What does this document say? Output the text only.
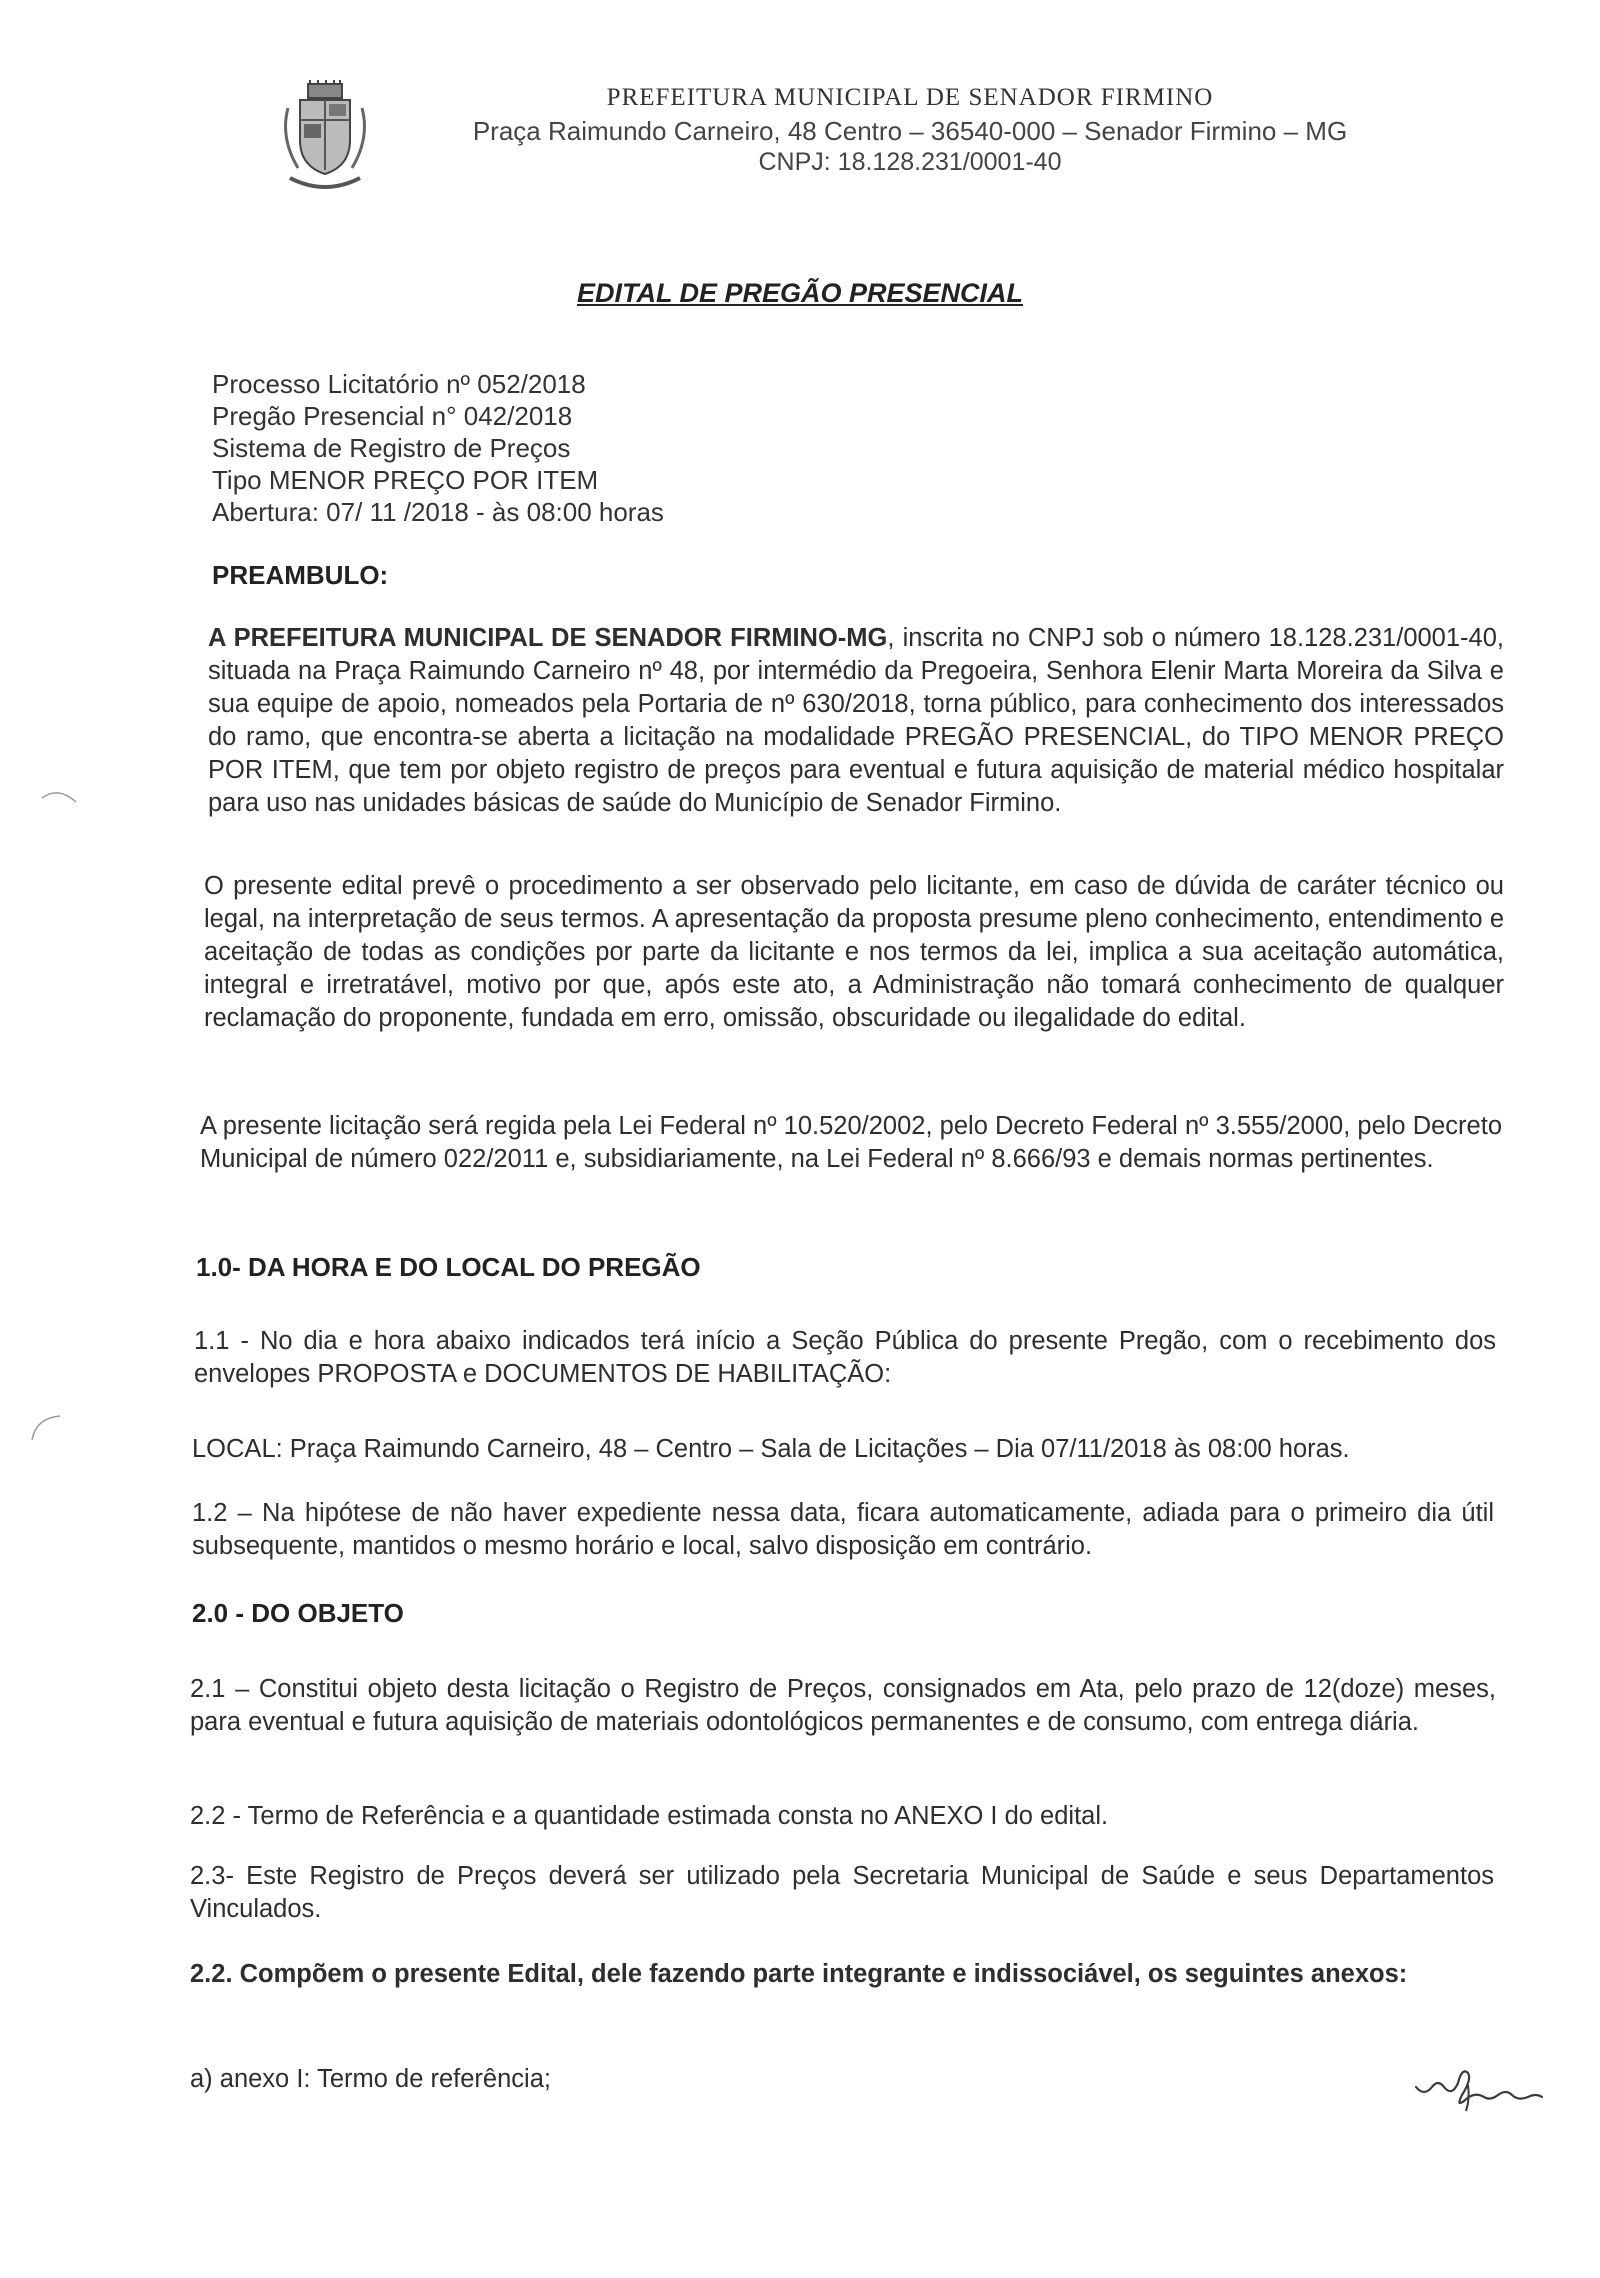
PREFEITURA MUNICIPAL DE SENADOR FIRMINO
Praça Raimundo Carneiro, 48 Centro – 36540-000 – Senador Firmino – MG
CNPJ: 18.128.231/0001-40
EDITAL DE PREGÃO PRESENCIAL
Processo Licitatório nº 052/2018
Pregão Presencial n° 042/2018
Sistema de Registro de Preços
Tipo MENOR PREÇO POR ITEM
Abertura: 07/ 11 /2018 - às 08:00 horas
PREAMBULO:
A PREFEITURA MUNICIPAL DE SENADOR FIRMINO-MG, inscrita no CNPJ sob o número 18.128.231/0001-40, situada na Praça Raimundo Carneiro nº 48, por intermédio da Pregoeira, Senhora Elenir Marta Moreira da Silva e sua equipe de apoio, nomeados pela Portaria de nº 630/2018, torna público, para conhecimento dos interessados do ramo, que encontra-se aberta a licitação na modalidade PREGÃO PRESENCIAL, do TIPO MENOR PREÇO POR ITEM, que tem por objeto registro de preços para eventual e futura aquisição de material médico hospitalar para uso nas unidades básicas de saúde do Município de Senador Firmino.
O presente edital prevê o procedimento a ser observado pelo licitante, em caso de dúvida de caráter técnico ou legal, na interpretação de seus termos. A apresentação da proposta presume pleno conhecimento, entendimento e aceitação de todas as condições por parte da licitante e nos termos da lei, implica a sua aceitação automática, integral e irretratável, motivo por que, após este ato, a Administração não tomará conhecimento de qualquer reclamação do proponente, fundada em erro, omissão, obscuridade ou ilegalidade do edital.
A presente licitação será regida pela Lei Federal nº 10.520/2002, pelo Decreto Federal nº 3.555/2000, pelo Decreto Municipal de número 022/2011 e, subsidiariamente, na Lei Federal nº 8.666/93 e demais normas pertinentes.
1.0- DA HORA E DO LOCAL DO PREGÃO
1.1 - No dia e hora abaixo indicados terá início a Seção Pública do presente Pregão, com o recebimento dos envelopes PROPOSTA e DOCUMENTOS DE HABILITAÇÃO:
LOCAL: Praça Raimundo Carneiro, 48 – Centro – Sala de Licitações – Dia 07/11/2018 às 08:00 horas.
1.2 – Na hipótese de não haver expediente nessa data, ficara automaticamente, adiada para o primeiro dia útil subsequente, mantidos o mesmo horário e local, salvo disposição em contrário.
2.0 - DO OBJETO
2.1 – Constitui objeto desta licitação o Registro de Preços, consignados em Ata, pelo prazo de 12(doze) meses, para eventual e futura aquisição de materiais odontológicos permanentes e de consumo, com entrega diária.
2.2 - Termo de Referência e a quantidade estimada consta no ANEXO I do edital.
2.3- Este Registro de Preços deverá ser utilizado pela Secretaria Municipal de Saúde e seus Departamentos Vinculados.
2.2. Compõem o presente Edital, dele fazendo parte integrante e indissociável, os seguintes anexos:
a) anexo I: Termo de referência;
